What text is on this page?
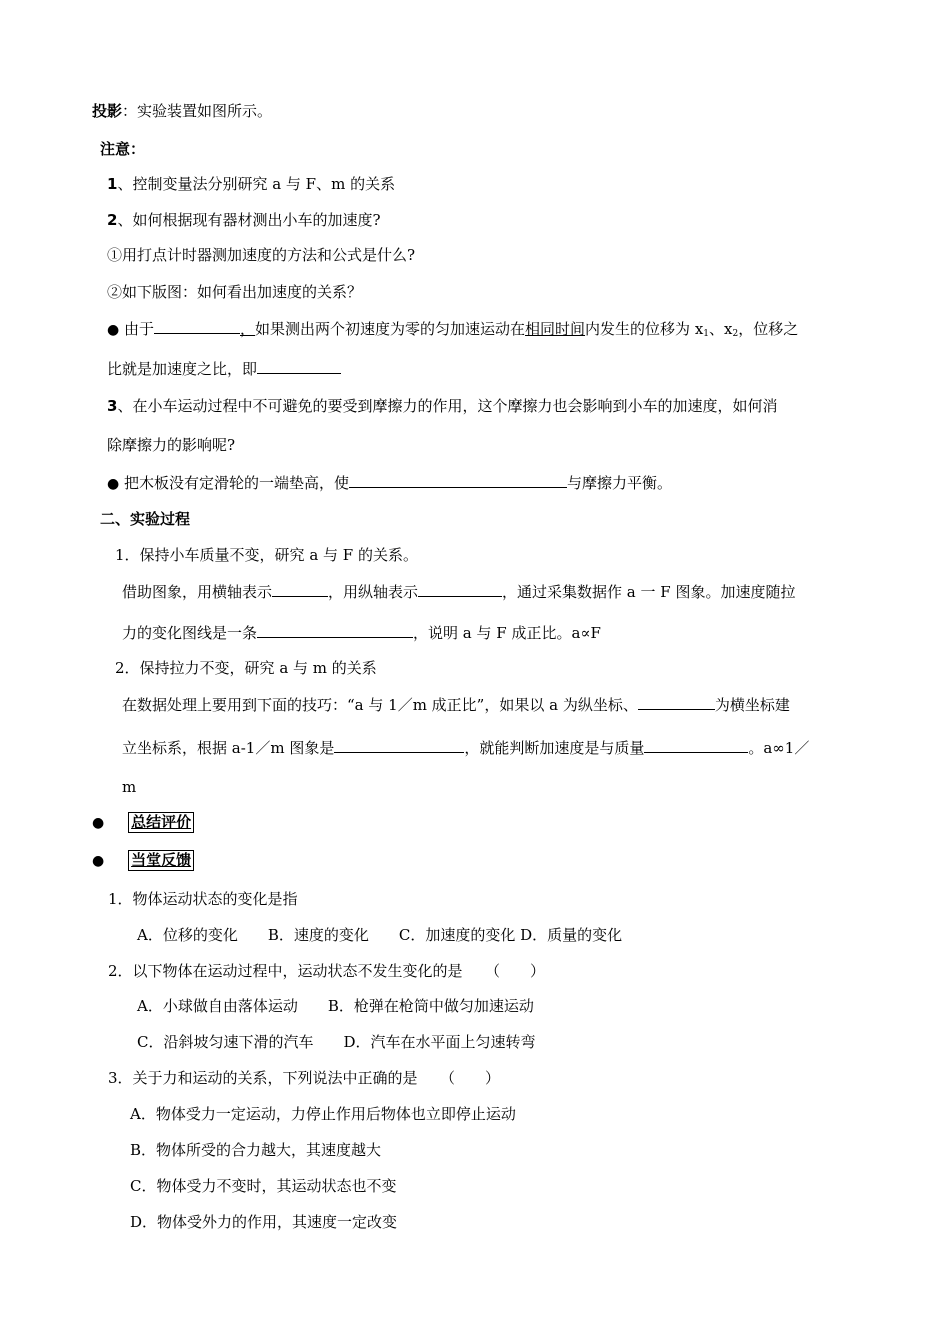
投影：实验装置如图所示。
注意：
1、控制变量法分别研究 a 与 F、m 的关系
2、如何根据现有器材测出小车的加速度?
①用打点计时器测加速度的方法和公式是什么?
②如下版图：如何看出加速度的关系？
● 由于	，如果测出两个初速度为零的匀加速运动在相同时间内发生的位移为 $x_1$、$x_2$，位移之
比就是加速度之比，即
3、在小车运动过程中不可避免的要受到摩擦力的作用，这个摩擦力也会影响到小车的加速度，如何消
除摩擦力的影响呢?
● 把木板没有定滑轮的一端垫高，使	与摩擦力平衡。
二、实验过程
1．保持小车质量不变，研究 a 与 F 的关系。
借助图象，用横轴表示	，用纵轴表示	，通过采集数据作 a 一 F 图象。加速度随拉
力的变化图线是一条	，说明 a 与 F 成正比。a∝F
2．保持拉力不变，研究 a 与 m 的关系
在数据处理上要用到下面的技巧：“a 与 1／m 成正比”，如果以 a 为纵坐标、	为横坐标建
立坐标系，根据 a-1／m 图象是	，就能判断加速度是与质量	。a∞1／
m
● 总结评价
● 当堂反馈
1．物体运动状态的变化是指
A．位移的变化　　B．速度的变化　　C．加速度的变化 D．质量的变化
2．以下物体在运动过程中，运动状态不发生变化的是　　（　　）
A．小球做自由落体运动　　B．枪弹在枪筒中做匀加速运动
C．沿斜坡匀速下滑的汽车　　D．汽车在水平面上匀速转弯
3．关于力和运动的关系，下列说法中正确的是　　（　　）
A．物体受力一定运动，力停止作用后物体也立即停止运动
B．物体所受的合力越大，其速度越大
C．物体受力不变时，其运动状态也不变
D．物体受外力的作用，其速度一定改变
